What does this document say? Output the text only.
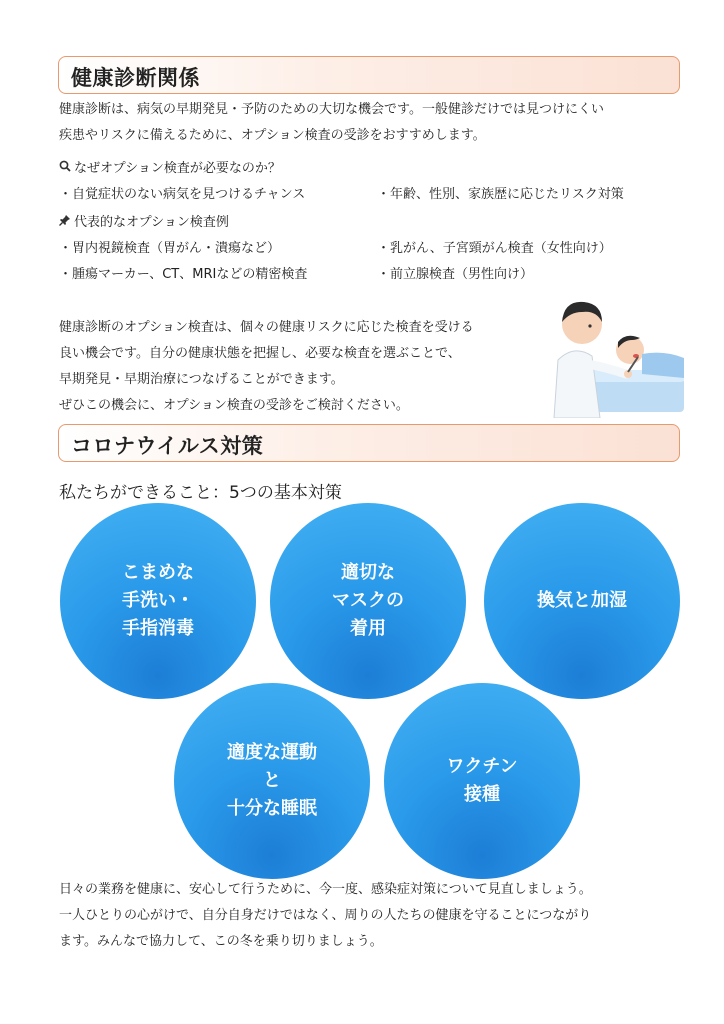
健康診断関係
健康診断は、病気の早期発見・予防のための大切な機会です。一般健診だけでは見つけにくい
疾患やリスクに備えるために、オプション検査の受診をおすすめします。
なぜオプション検査が必要なのか？
・自覚症状のない病気を見つけるチャンス	・年齢、性別、家族歴に応じたリスク対策
代表的なオプション検査例
・胃内視鏡検査（胃がん・潰瘍など）	・乳がん、子宮頸がん検査（女性向け）
・腫瘍マーカー、CT、MRIなどの精密検査	・前立腺検査（男性向け）
健康診断のオプション検査は、個々の健康リスクに応じた検査を受ける
良い機会です。自分の健康状態を把握し、必要な検査を選ぶことで、
早期発見・早期治療につなげることができます。
ぜひこの機会に、オプション検査の受診をご検討ください。
コロナウイルス対策
私たちができること：5つの基本対策
こまめな
手洗い・
手指消毒
適切な
マスクの
着用
換気と加湿
適度な運動
と
十分な睡眠
ワクチン
接種
日々の業務を健康に、安心して行うために、今一度、感染症対策について見直しましょう。
一人ひとりの心がけで、自分自身だけではなく、周りの人たちの健康を守ることにつながり
ます。みんなで協力して、この冬を乗り切りましょう。
